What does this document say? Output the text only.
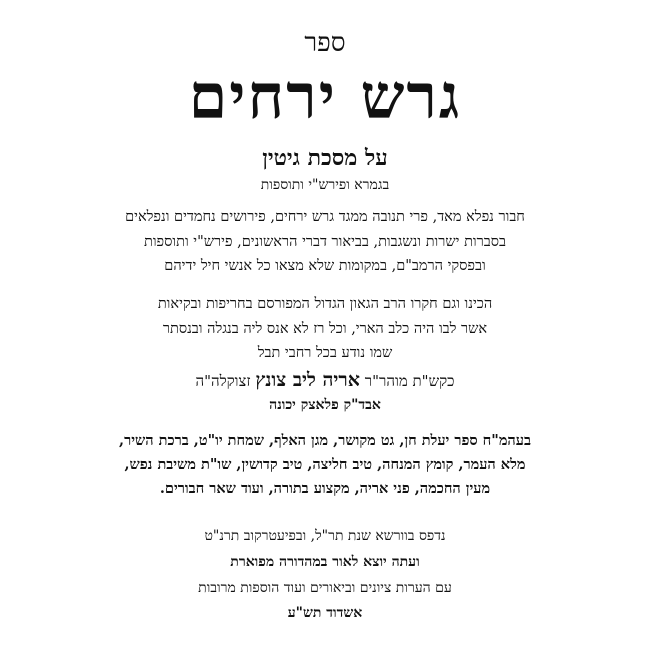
ספר
גרש ירחים
על מסכת גיטין
בגמרא ופירש"י ותוספות
חבור נפלא מאד, פרי תנובה ממגד גרש ירחים, פירושים נחמדים ונפלאים
בסברות ישרות ונשגבות, בביאור דברי הראשונים, פירש"י ותוספות
ובפסקי הרמב"ם, במקומות שלא מצאו כל אנשי חיל ידיהם
הכינו וגם חקרו הרב הגאון הגדול המפורסם בחריפות ובקיאות
אשר לבו היה כלב הארי, וכל רז לא אנס ליה בנגלה ובנסתר
שמו נודע בכל רחבי תבל
כקש"ת מוהר"ר אריה ליב צונץ זצוקלה"ה
אבד"ק פלאצק יכונה
בעהמ"ח ספר יעלת חן, גט מקושר, מגן האלף, שמחת יו"ט, ברכת השיר,
מלא העמר, קומץ המנחה, טיב חליצה, טיב קדושין, שו"ת משיבת נפש,
מעין החכמה, פני אריה, מקצוע בתורה, ועוד שאר חבורים.
נדפס בוורשא שנת תר"ל, ובפיעטרקוב תרנ"ט
ועתה יוצא לאור במהדורה מפוארת
עם הערות ציונים וביאורים ועוד הוספות מרובות
אשדוד תש"ע
